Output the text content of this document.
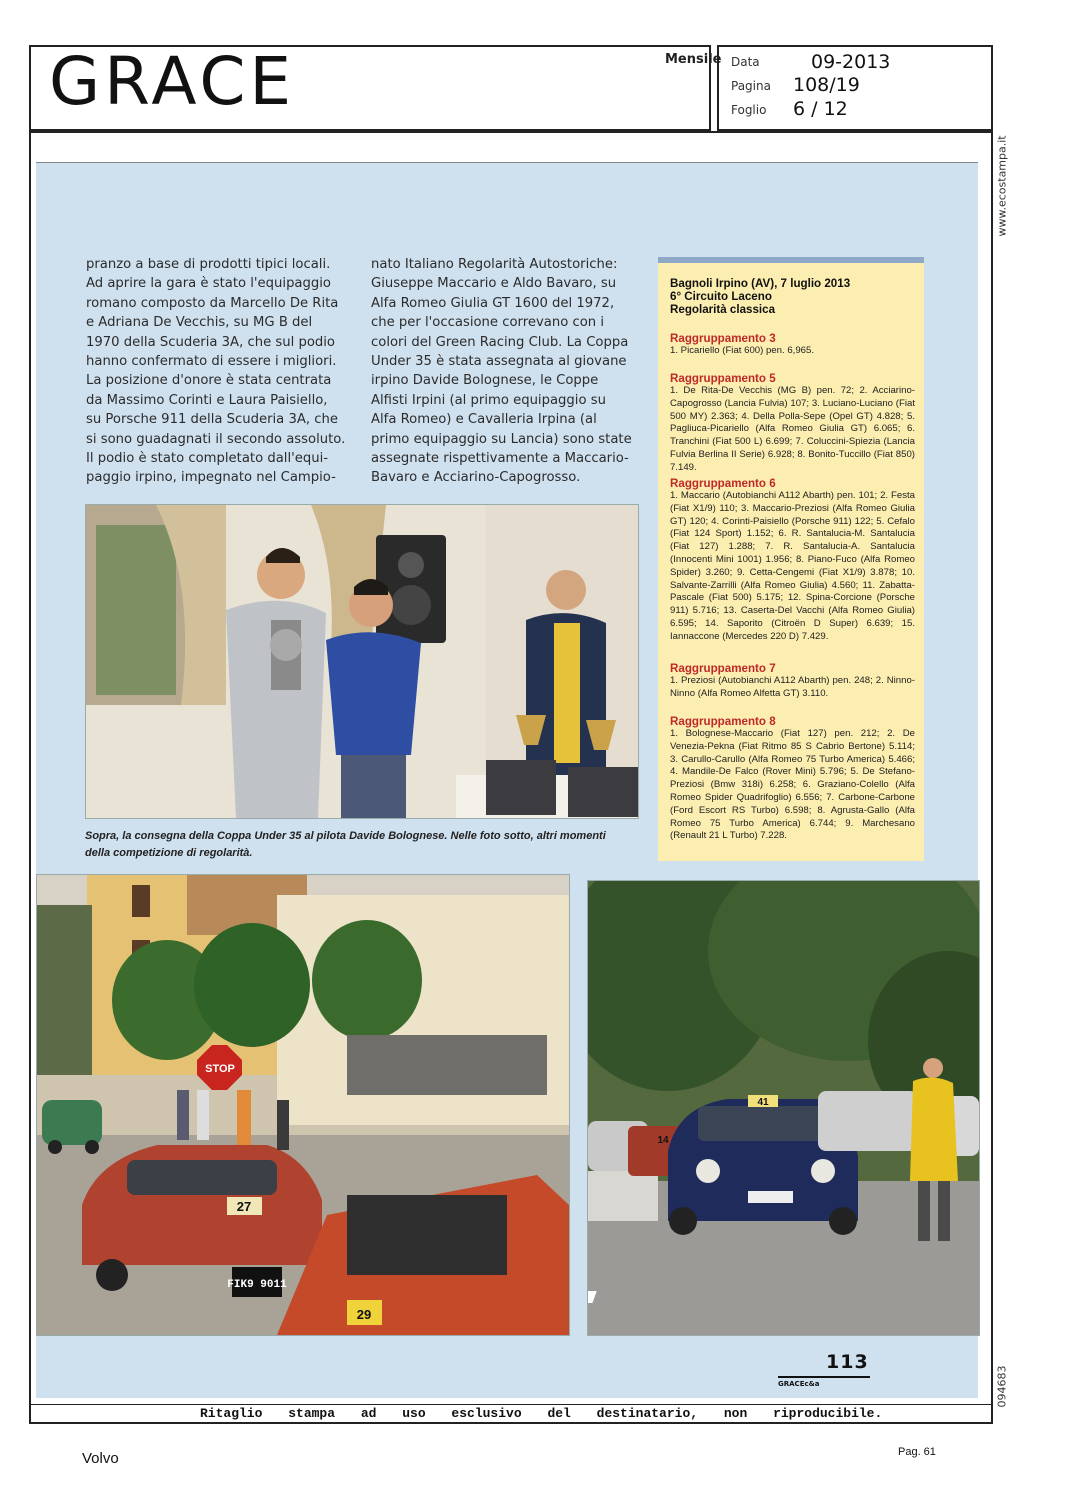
GRACE	Mensile Data	09-2013
Pagina 108/19
Foglio 6 / 12
www.ecostampa.it
094683
pranzo a base di prodotti tipici locali.
Ad aprire la gara è stato l'equipaggio
romano composto da Marcello De Rita
e Adriana De Vecchis, su MG B del
1970 della Scuderia 3A, che sul podio
hanno confermato di essere i migliori.
La posizione d'onore è stata centrata
da Massimo Corinti e Laura Paisiello,
su Porsche 911 della Scuderia 3A, che
si sono guadagnati il secondo assoluto.
Il podio è stato completato dall'equi-
paggio irpino, impegnato nel Campio-
nato Italiano Regolarità Autostoriche:
Giuseppe Maccario e Aldo Bavaro, su
Alfa Romeo Giulia GT 1600 del 1972,
che per l'occasione correvano con i
colori del Green Racing Club. La Coppa
Under 35 è stata assegnata al giovane
irpino Davide Bolognese, le Coppe
Alfisti Irpini (al primo equipaggio su
Alfa Romeo) e Cavalleria Irpina (al
primo equipaggio su Lancia) sono state
assegnate rispettivamente a Maccario-
Bavaro e Acciarino-Capogrosso.
Bagnoli Irpino (AV), 7 luglio 2013
6° Circuito Laceno
Regolarità classica
Raggruppamento 3
1. Picariello (Fiat 600) pen. 6,965.
Raggruppamento 5
1. De Rita-De Vecchis (MG B) pen. 72; 2. Acciarino-Capogrosso (Lancia Fulvia) 107; 3. Luciano-Luciano (Fiat 500 MY) 2.363; 4. Della Polla-Sepe (Opel GT) 4.828; 5. Pagliuca-Picariello (Alfa Romeo Giulia GT) 6.065; 6. Tranchini (Fiat 500 L) 6.699; 7. Coluccini-Spiezia (Lancia Fulvia Berlina II Serie) 6.928; 8. Bonito-Tuccillo (Fiat 850) 7.149.
Raggruppamento 6
1. Maccario (Autobianchi A112 Abarth) pen. 101; 2. Festa (Fiat X1/9) 110; 3. Maccario-Preziosi (Alfa Romeo Giulia GT) 120; 4. Corinti-Paisiello (Porsche 911) 122; 5. Cefalo (Fiat 124 Sport) 1.152; 6. R. Santalucia-M. Santalucia (Fiat 127) 1.288; 7. R. Santalucia-A. Santalucia (Innocenti Mini 1001) 1.956; 8. Piano-Fuco (Alfa Romeo Spider) 3.260; 9. Cetta-Cengemi (Fiat X1/9) 3.878; 10. Salvante-Zarrilli (Alfa Romeo Giulia) 4.560; 11. Zabatta-Pascale (Fiat 500) 5.175; 12. Spina-Corcione (Porsche 911) 5.716; 13. Caserta-Del Vacchi (Alfa Romeo Giulia) 6.595; 14. Saporito (Citroën D Super) 6.639; 15. Iannaccone (Mercedes 220 D) 7.429.
Raggruppamento 7
1. Preziosi (Autobianchi A112 Abarth) pen. 248; 2. Ninno-Ninno (Alfa Romeo Alfetta GT) 3.110.
Raggruppamento 8
1. Bolognese-Maccario (Fiat 127) pen. 212; 2. De Venezia-Pekna (Fiat Ritmo 85 S Cabrio Bertone) 5.114; 3. Carullo-Carullo (Alfa Romeo 75 Turbo America) 5.466; 4. Mandile-De Falco (Rover Mini) 5.796; 5. De Stefano-Preziosi (Bmw 318i) 6.258; 6. Graziano-Colello (Alfa Romeo Spider Quadrifoglio) 6.556; 7. Carbone-Carbone (Ford Escort RS Turbo) 6.598; 8. Agrusta-Gallo (Alfa Romeo 75 Turbo America) 6.744; 9. Marchesano (Renault 21 L Turbo) 7.228.
Sopra, la consegna della Coppa Under 35 al pilota Davide Bolognese. Nelle foto sotto, altri momenti della competizione di regolarità.
STOP
27
FIK9 9011
29
14
41
113
GRACEc&a
Ritaglio stampa ad uso esclusivo del destinatario, non riproducibile.
Volvo	Pag. 61
